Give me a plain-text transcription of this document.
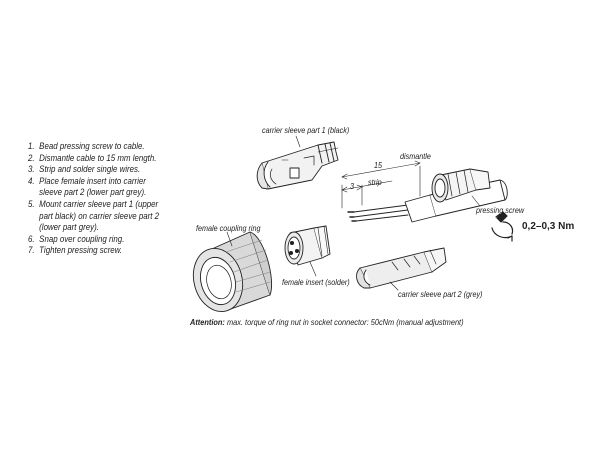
1. Bead pressing screw to cable.
2. Dismantle cable to 15 mm length.
3. Strip and solder single wires.
4. Place female insert into carrier
sleeve part 2 (lower part grey).
5. Mount carrier sleeve part 1 (upper
part black) on carrier sleeve part 2
(lower part grey).
6. Snap over coupling ring.
7. Tighten pressing screw.
carrier sleeve part 1 (black)
female coupling ring
female insert (solder)
carrier sleeve part 2 (grey)
pressing screw
15
dismantle
3 strip
0,2–0,3 Nm
Attention: max. torque of ring nut in socket connector: 50cNm (manual adjustment)
